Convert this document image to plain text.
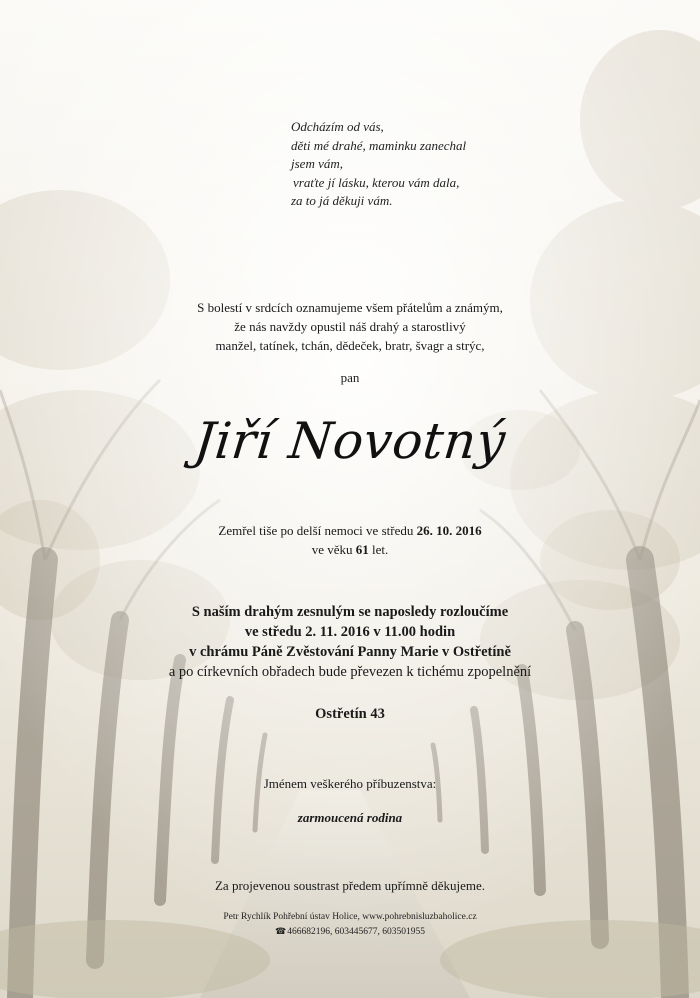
Odcházím od vás,
děti mé drahé, maminku zanechal
jsem vám,
vraťte jí lásku, kterou vám dala,
za to já děkuji vám.
S bolestí v srdcích oznamujeme všem přátelům a známým,
že nás navždy opustil náš drahý a starostlivý
manžel, tatínek, tchán, dědeček, bratr, švagr a strýc,
pan
Jiří Novotný
Zemřel tiše po delší nemoci ve středu 26. 10. 2016
ve věku 61 let.
S naším drahým zesnulým se naposledy rozloučíme
ve středu 2. 11. 2016 v 11.00 hodin
v chrámu Páně Zvěstování Panny Marie v Ostřetíně
a po církevních obřadech bude převezen k tichému zpopelnění
Ostřetín 43
Jménem veškerého příbuzenstva:
zarmoucená rodina
Za projevenou soustrast předem upřímně děkujeme.
Petr Rychlík Pohřební ústav Holice, www.pohrebnisluzbaholice.cz
☎466682196, 603445677, 603501955
